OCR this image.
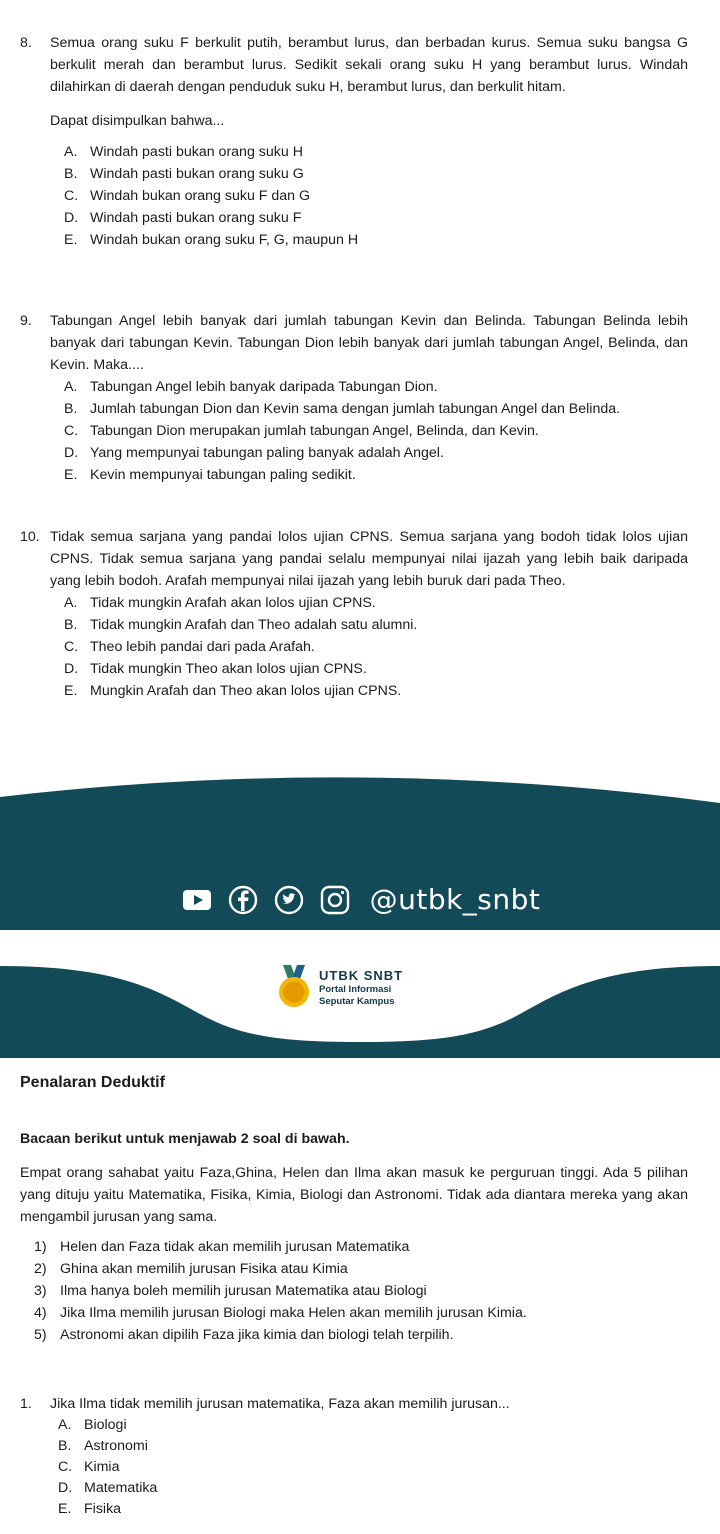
8. Semua orang suku F berkulit putih, berambut lurus, dan berbadan kurus. Semua suku bangsa G berkulit merah dan berambut lurus. Sedikit sekali orang suku H yang berambut lurus. Windah dilahirkan di daerah dengan penduduk suku H, berambut lurus, dan berkulit hitam.
Dapat disimpulkan bahwa...
A. Windah pasti bukan orang suku H
B. Windah pasti bukan orang suku G
C. Windah bukan orang suku F dan G
D. Windah pasti bukan orang suku F
E. Windah bukan orang suku F, G, maupun H
9. Tabungan Angel lebih banyak dari jumlah tabungan Kevin dan Belinda. Tabungan Belinda lebih banyak dari tabungan Kevin. Tabungan Dion lebih banyak dari jumlah tabungan Angel, Belinda, dan Kevin. Maka....
A. Tabungan Angel lebih banyak daripada Tabungan Dion.
B. Jumlah tabungan Dion dan Kevin sama dengan jumlah tabungan Angel dan Belinda.
C. Tabungan Dion merupakan jumlah tabungan Angel, Belinda, dan Kevin.
D. Yang mempunyai tabungan paling banyak adalah Angel.
E. Kevin mempunyai tabungan paling sedikit.
10. Tidak semua sarjana yang pandai lolos ujian CPNS. Semua sarjana yang bodoh tidak lolos ujian CPNS. Tidak semua sarjana yang pandai selalu mempunyai nilai ijazah yang lebih baik daripada yang lebih bodoh. Arafah mempunyai nilai ijazah yang lebih buruk dari pada Theo.
A. Tidak mungkin Arafah akan lolos ujian CPNS.
B. Tidak mungkin Arafah dan Theo adalah satu alumni.
C. Theo lebih pandai dari pada Arafah.
D. Tidak mungkin Theo akan lolos ujian CPNS.
E. Mungkin Arafah dan Theo akan lolos ujian CPNS.
@utbk_snbt
UTBK SNBT
Portal Informasi
Seputar Kampus
Penalaran Deduktif
Bacaan berikut untuk menjawab 2 soal di bawah.
Empat orang sahabat yaitu Faza,Ghina, Helen dan Ilma akan masuk ke perguruan tinggi. Ada 5 pilihan yang dituju yaitu Matematika, Fisika, Kimia, Biologi dan Astronomi. Tidak ada diantara mereka yang akan mengambil jurusan yang sama.
1) Helen dan Faza tidak akan memilih jurusan Matematika
2) Ghina akan memilih jurusan Fisika atau Kimia
3) Ilma hanya boleh memilih jurusan Matematika atau Biologi
4) Jika Ilma memilih jurusan Biologi maka Helen akan memilih jurusan Kimia.
5) Astronomi akan dipilih Faza jika kimia dan biologi telah terpilih.
1. Jika Ilma tidak memilih jurusan matematika, Faza akan memilih jurusan...
A. Biologi
B. Astronomi
C. Kimia
D. Matematika
E. Fisika
